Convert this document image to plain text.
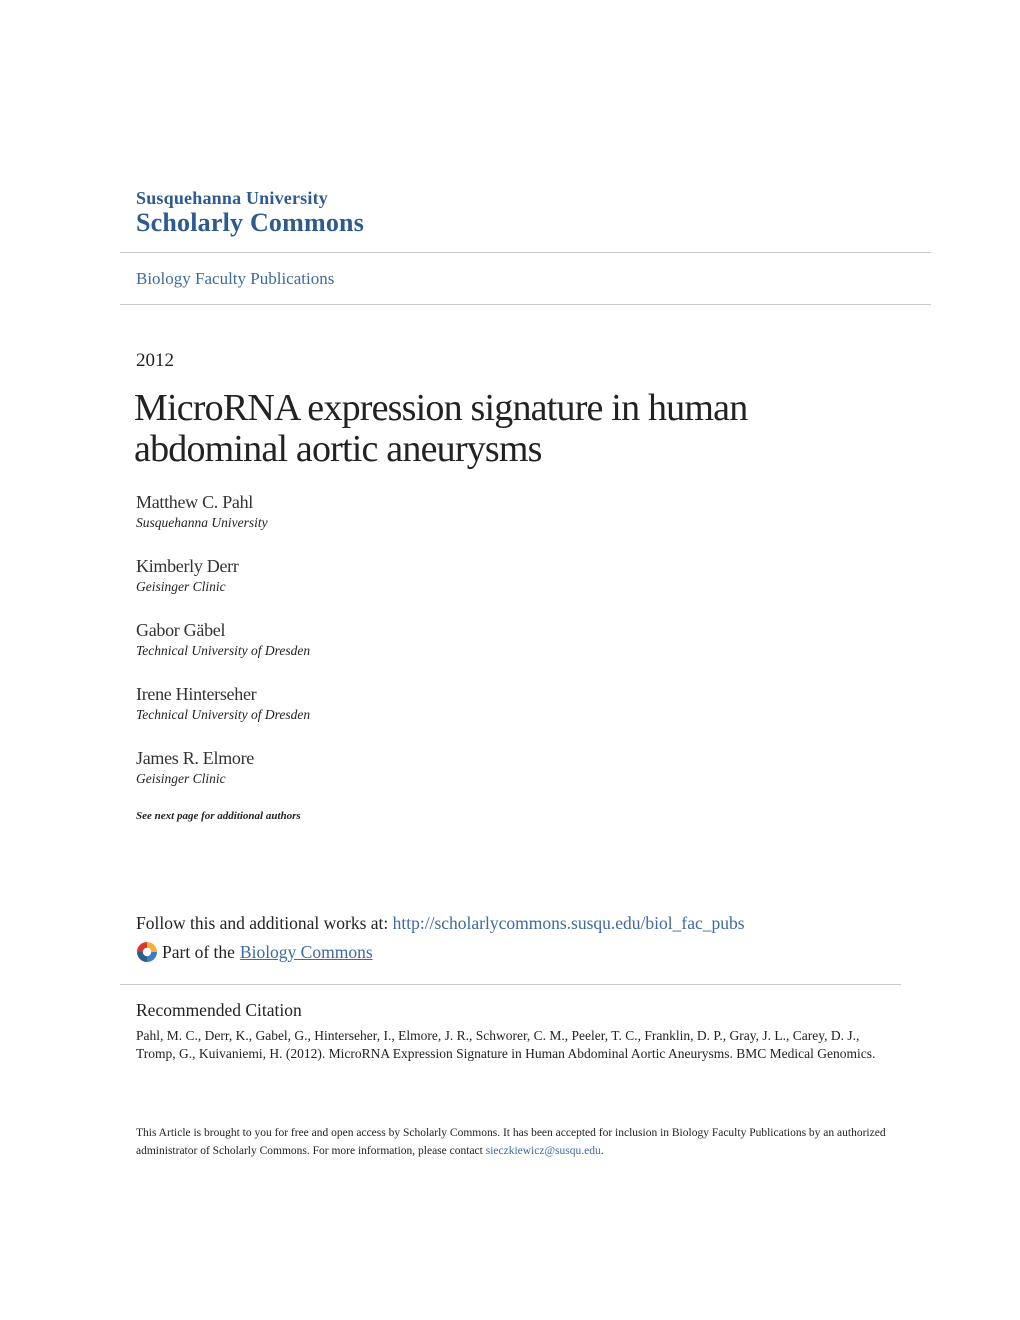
Susquehanna University
Scholarly Commons
Biology Faculty Publications
2012
MicroRNA expression signature in human abdominal aortic aneurysms
Matthew C. Pahl
Susquehanna University
Kimberly Derr
Geisinger Clinic
Gabor Gäbel
Technical University of Dresden
Irene Hinterseher
Technical University of Dresden
James R. Elmore
Geisinger Clinic
See next page for additional authors
Follow this and additional works at: http://scholarlycommons.susqu.edu/biol_fac_pubs
Part of the Biology Commons
Recommended Citation
Pahl, M. C., Derr, K., Gabel, G., Hinterseher, I., Elmore, J. R., Schworer, C. M., Peeler, T. C., Franklin, D. P., Gray, J. L., Carey, D. J., Tromp, G., Kuivaniemi, H. (2012). MicroRNA Expression Signature in Human Abdominal Aortic Aneurysms. BMC Medical Genomics.
This Article is brought to you for free and open access by Scholarly Commons. It has been accepted for inclusion in Biology Faculty Publications by an authorized administrator of Scholarly Commons. For more information, please contact sieczkiewicz@susqu.edu.
